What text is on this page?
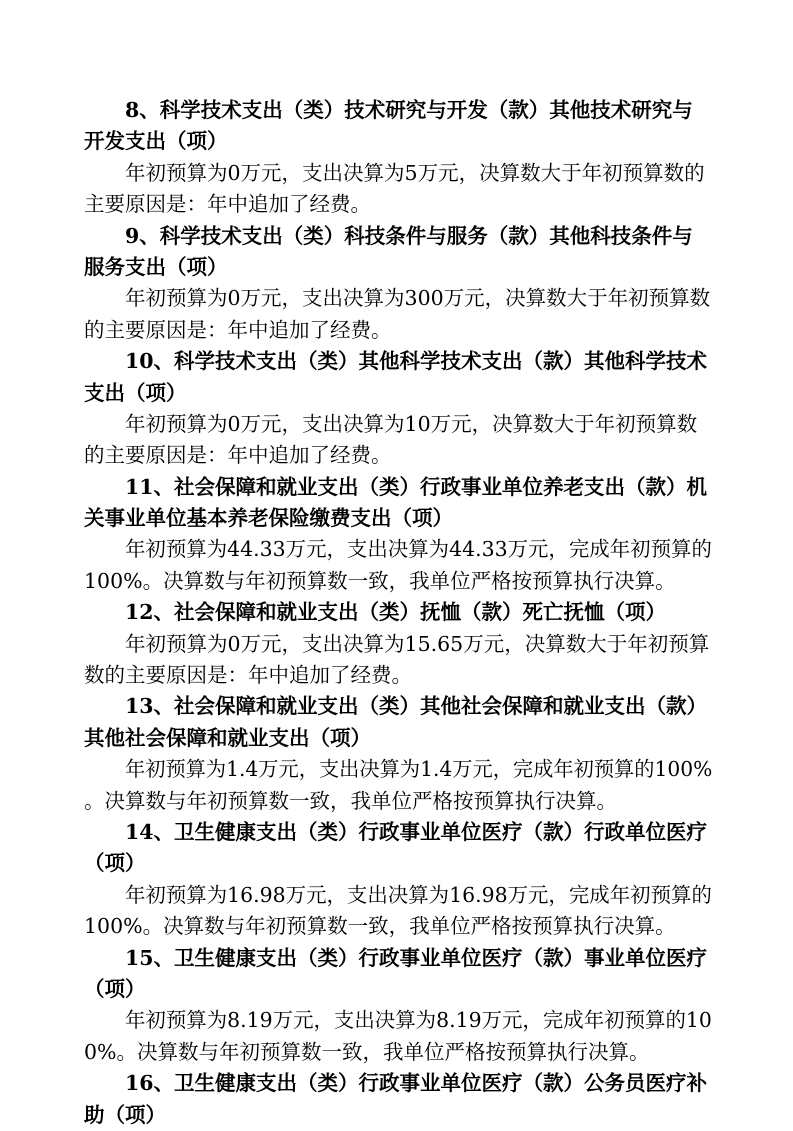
8、科学技术支出（类）技术研究与开发（款）其他技术研究与
开发支出（项）
年初预算为0万元，支出决算为5万元，决算数大于年初预算数的
主要原因是：年中追加了经费。
9、科学技术支出（类）科技条件与服务（款）其他科技条件与
服务支出（项）
年初预算为0万元，支出决算为300万元，决算数大于年初预算数
的主要原因是：年中追加了经费。
10、科学技术支出（类）其他科学技术支出（款）其他科学技术
支出（项）
年初预算为0万元，支出决算为10万元，决算数大于年初预算数
的主要原因是：年中追加了经费。
11、社会保障和就业支出（类）行政事业单位养老支出（款）机
关事业单位基本养老保险缴费支出（项）
年初预算为44.33万元，支出决算为44.33万元，完成年初预算的
100%。决算数与年初预算数一致，我单位严格按预算执行决算。
12、社会保障和就业支出（类）抚恤（款）死亡抚恤（项）
年初预算为0万元，支出决算为15.65万元，决算数大于年初预算
数的主要原因是：年中追加了经费。
13、社会保障和就业支出（类）其他社会保障和就业支出（款）
其他社会保障和就业支出（项）
年初预算为1.4万元，支出决算为1.4万元，完成年初预算的100%
。决算数与年初预算数一致，我单位严格按预算执行决算。
14、卫生健康支出（类）行政事业单位医疗（款）行政单位医疗
（项）
年初预算为16.98万元，支出决算为16.98万元，完成年初预算的
100%。决算数与年初预算数一致，我单位严格按预算执行决算。
15、卫生健康支出（类）行政事业单位医疗（款）事业单位医疗
（项）
年初预算为8.19万元，支出决算为8.19万元，完成年初预算的10
0%。决算数与年初预算数一致，我单位严格按预算执行决算。
16、卫生健康支出（类）行政事业单位医疗（款）公务员医疗补
助（项）
